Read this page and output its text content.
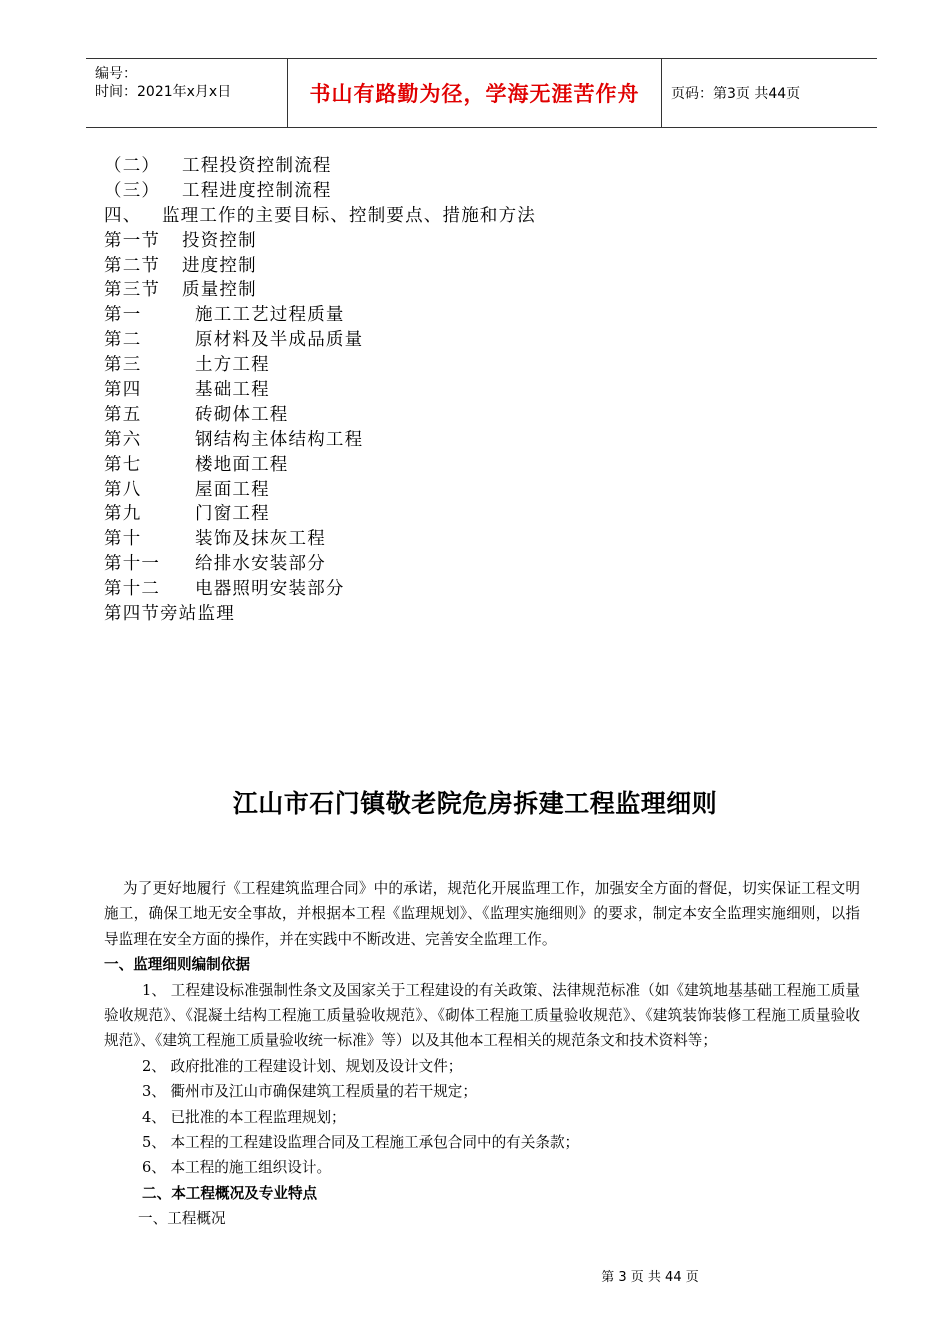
编号：
时间：2021年x月x日	书山有路勤为径，学海无涯苦作舟	页码：第3页 共44页
（二）	工程投资控制流程
（三）	工程进度控制流程
四、	监理工作的主要目标、控制要点、措施和方法
第一节	投资控制
第二节	进度控制
第三节	质量控制
第一	施工工艺过程质量
第二	原材料及半成品质量
第三	土方工程
第四	基础工程
第五	砖砌体工程
第六	钢结构主体结构工程
第七	楼地面工程
第八	屋面工程
第九	门窗工程
第十	装饰及抹灰工程
第十一	给排水安装部分
第十二	电器照明安装部分
第四节旁站监理
江山市石门镇敬老院危房拆建工程监理细则
为了更好地履行《工程建筑监理合同》中的承诺，规范化开展监理工作，加强安全方面的督促，切实保证工程文明施工，确保工地无安全事故，并根据本工程《监理规划》、《监理实施细则》的要求，制定本安全监理实施细则，以指导监理在安全方面的操作，并在实践中不断改进、完善安全监理工作。
一、监理细则编制依据
1、 工程建设标准强制性条文及国家关于工程建设的有关政策、法律规范标准（如《建筑地基基础工程施工质量验收规范》、《混凝土结构工程施工质量验收规范》、《砌体工程施工质量验收规范》、《建筑装饰装修工程施工质量验收规范》、《建筑工程施工质量验收统一标准》等）以及其他本工程相关的规范条文和技术资料等；
2、 政府批准的工程建设计划、规划及设计文件；
3、 衢州市及江山市确保建筑工程质量的若干规定；
4、 已批准的本工程监理规划；
5、 本工程的工程建设监理合同及工程施工承包合同中的有关条款；
6、 本工程的施工组织设计。
二、本工程概况及专业特点
一、工程概况
第 3 页 共 44 页
